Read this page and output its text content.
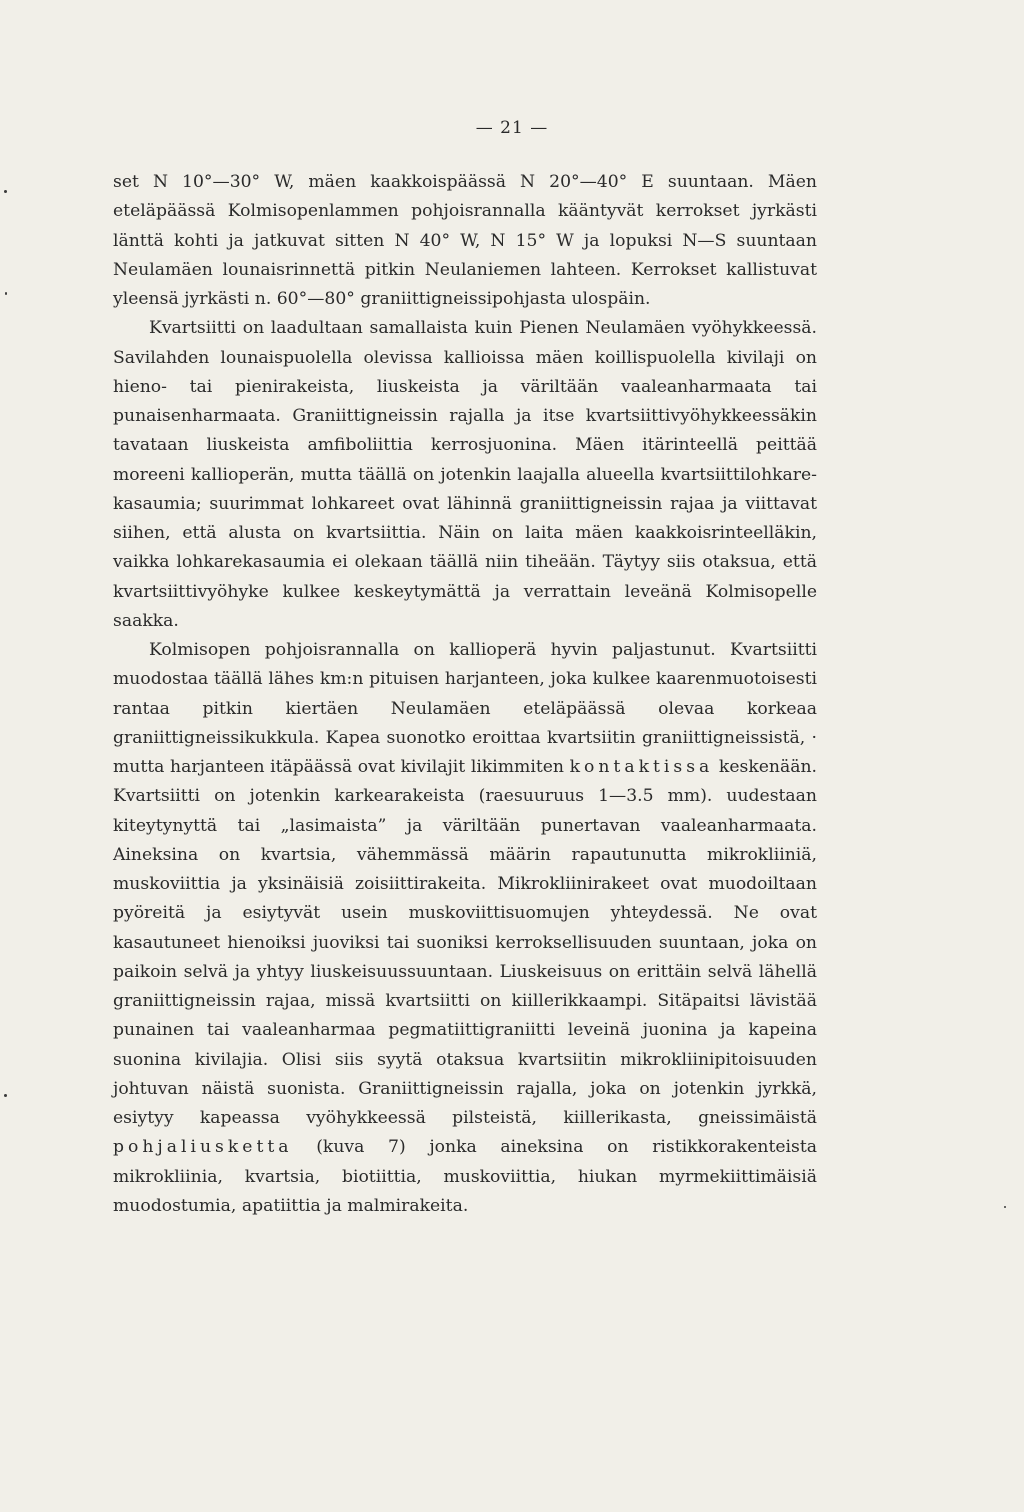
— 21 —

set N 10°—30° W, mäen kaakkoispäässä N 20°—40° E suuntaan. Mäen eteläpäässä Kolmisopenlammen pohjoisrannalla kääntyvät kerrokset jyrkästi länttä kohti ja jatkuvat sitten N 40° W, N 15° W ja lopuksi N—S suuntaan Neulamäen lounaisrinnettä pitkin Neulaniemen lahteen. Kerrokset kallistuvat yleensä jyrkästi n. 60°—80° graniittigneissipohjasta ulospäin.

Kvartsiitti on laadultaan samallaista kuin Pienen Neulamäen vyöhykkeessä. Savilahden lounaispuolella olevissa kallioissa mäen koillispuolella kivilaji on hieno- tai pienirakeista, liuskeista ja väriltään vaaleanharmaata tai punaisenharmaata. Graniittigneissin rajalla ja itse kvartsiittivyöhykkeessäkin tavataan liuskeista amfiboliittia kerrosjuonina. Mäen itärinteellä peittää moreeni kallioperän, mutta täällä on jotenkin laajalla alueella kvartsiittilohkare-kasaumia; suurimmat lohkareet ovat lähinnä graniittigneissin rajaa ja viittavat siihen, että alusta on kvartsiittia. Näin on laita mäen kaakkoisrinteelläkin, vaikka lohkarekasaumia ei olekaan täällä niin tiheään. Täytyy siis otaksua, että kvartsiittivyöhyke kulkee keskeytymättä ja verrattain leveänä Kolmisopelle saakka.

Kolmisopen pohjoisrannalla on kallioperä hyvin paljastunut. Kvartsiitti muodostaa täällä lähes km:n pituisen harjanteen, joka kulkee kaarenmuotoisesti rantaa pitkin kiertäen Neulamäen eteläpäässä olevaa korkeaa graniittigneissikukkula. Kapea suonotko eroittaa kvartsiitin graniittigneissistä, · mutta harjanteen itäpäässä ovat kivilajit likimmiten kontaktissa keskenään. Kvartsiitti on jotenkin karkearakeista (raesuuruus 1—3.5 mm). uudestaan kiteytynyttä tai „lasimaista” ja väriltään punertavan vaaleanharmaata. Aineksina on kvartsia, vähemmässä määrin rapautunutta mikrokliiniä, muskoviittia ja yksinäisiä zoisiittirakeita. Mikrokliinirakeet ovat muodoiltaan pyöreitä ja esiytyvät usein muskoviittisuomujen yhteydessä. Ne ovat kasautuneet hienoiksi juoviksi tai suoniksi kerroksellisuuden suuntaan, joka on paikoin selvä ja yhtyy liuskeisuussuuntaan. Liuskeisuus on erittäin selvä lähellä graniittigneissin rajaa, missä kvartsiitti on kiillerikkaampi. Sitäpaitsi lävistää punainen tai vaaleanharmaa pegmatiittigraniitti leveinä juonina ja kapeina suonina kivilajia. Olisi siis syytä otaksua kvartsiitin mikrokliinipitoisuuden johtuvan näistä suonista. Graniittigneissin rajalla, joka on jotenkin jyrkkä, esiytyy kapeassa vyöhykkeessä pilsteistä, kiillerikasta, gneissimäistä pohjaliusketta (kuva 7) jonka aineksina on ristikkorakenteista mikrokliinia, kvartsia, biotiittia, muskoviittia, hiukan myrmekiittimäisiä muodostumia, apatiittia ja malmirakeita.
